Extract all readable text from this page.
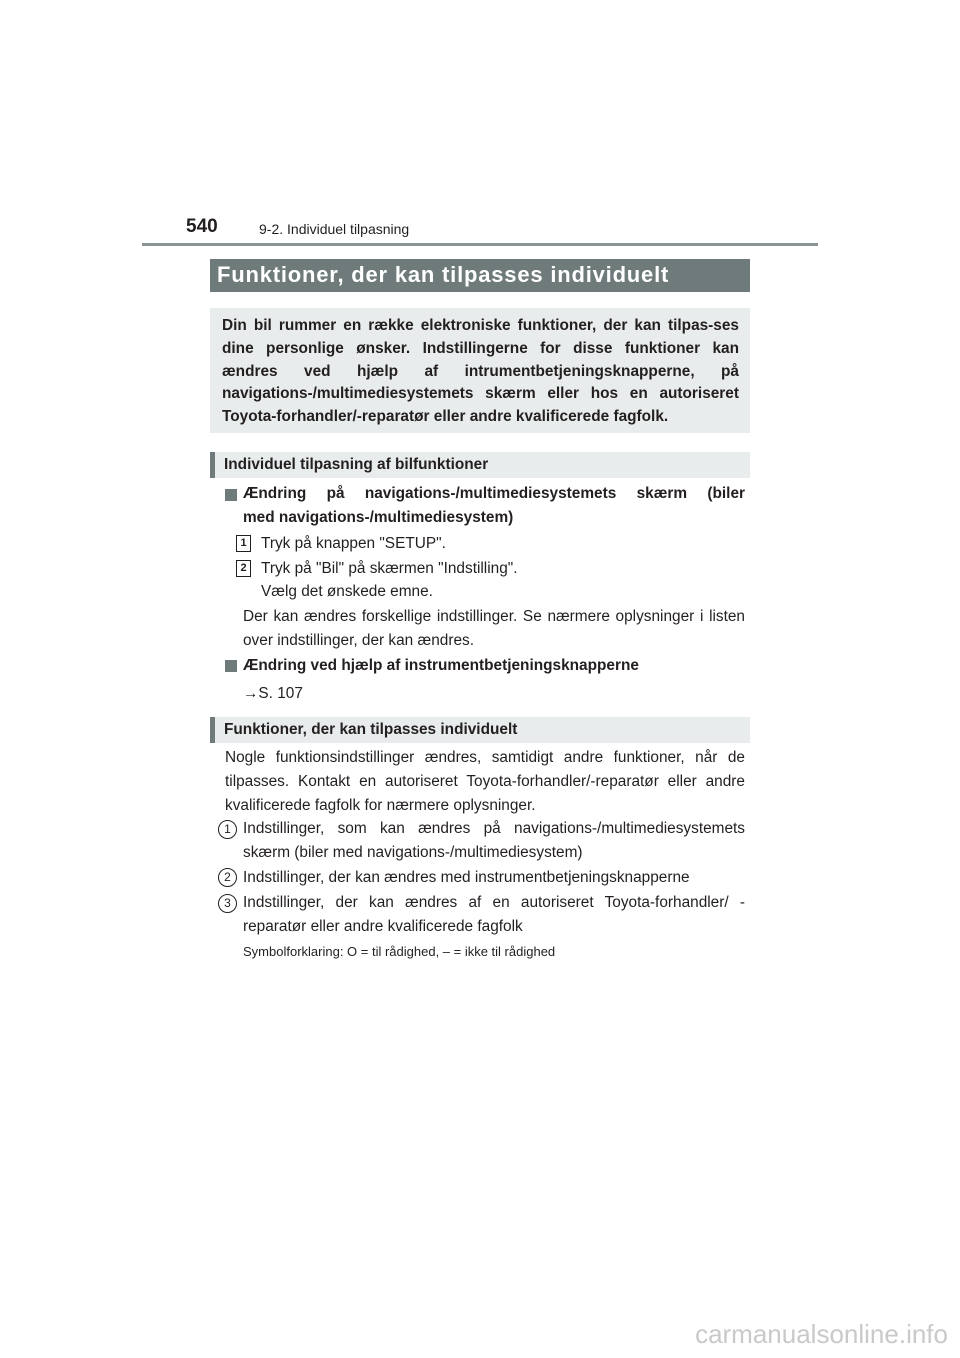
540	9-2. Individuel tilpasning
Funktioner, der kan tilpasses individuelt
Din bil rummer en række elektroniske funktioner, der kan tilpas-ses dine personlige ønsker. Indstillingerne for disse funktioner kan ændres ved hjælp af intrumentbetjeningsknapperne, på navigations-/multimediesystemets skærm eller hos en autoriseret Toyota-forhandler/-reparatør eller andre kvalificerede fagfolk.
Individuel tilpasning af bilfunktioner
Ændring på navigations-/multimediesystemets skærm (biler
med navigations-/multimediesystem)
1 Tryk på knappen "SETUP".
2 Tryk på "Bil" på skærmen "Indstilling".
Vælg det ønskede emne.
Der kan ændres forskellige indstillinger. Se nærmere oplysninger i listen over indstillinger, der kan ændres.
Ændring ved hjælp af instrumentbetjeningsknapperne
→S. 107
Funktioner, der kan tilpasses individuelt
Nogle funktionsindstillinger ændres, samtidigt andre funktioner, når de tilpasses. Kontakt en autoriseret Toyota-forhandler/-reparatør eller andre kvalificerede fagfolk for nærmere oplysninger.
1 Indstillinger, som kan ændres på navigations-/multimediesystemets skærm (biler med navigations-/multimediesystem)
2 Indstillinger, der kan ændres med instrumentbetjeningsknapperne
3 Indstillinger, der kan ændres af en autoriseret Toyota-forhandler/ -reparatør eller andre kvalificerede fagfolk
Symbolforklaring: O = til rådighed, – = ikke til rådighed
carmanualsonline.info
